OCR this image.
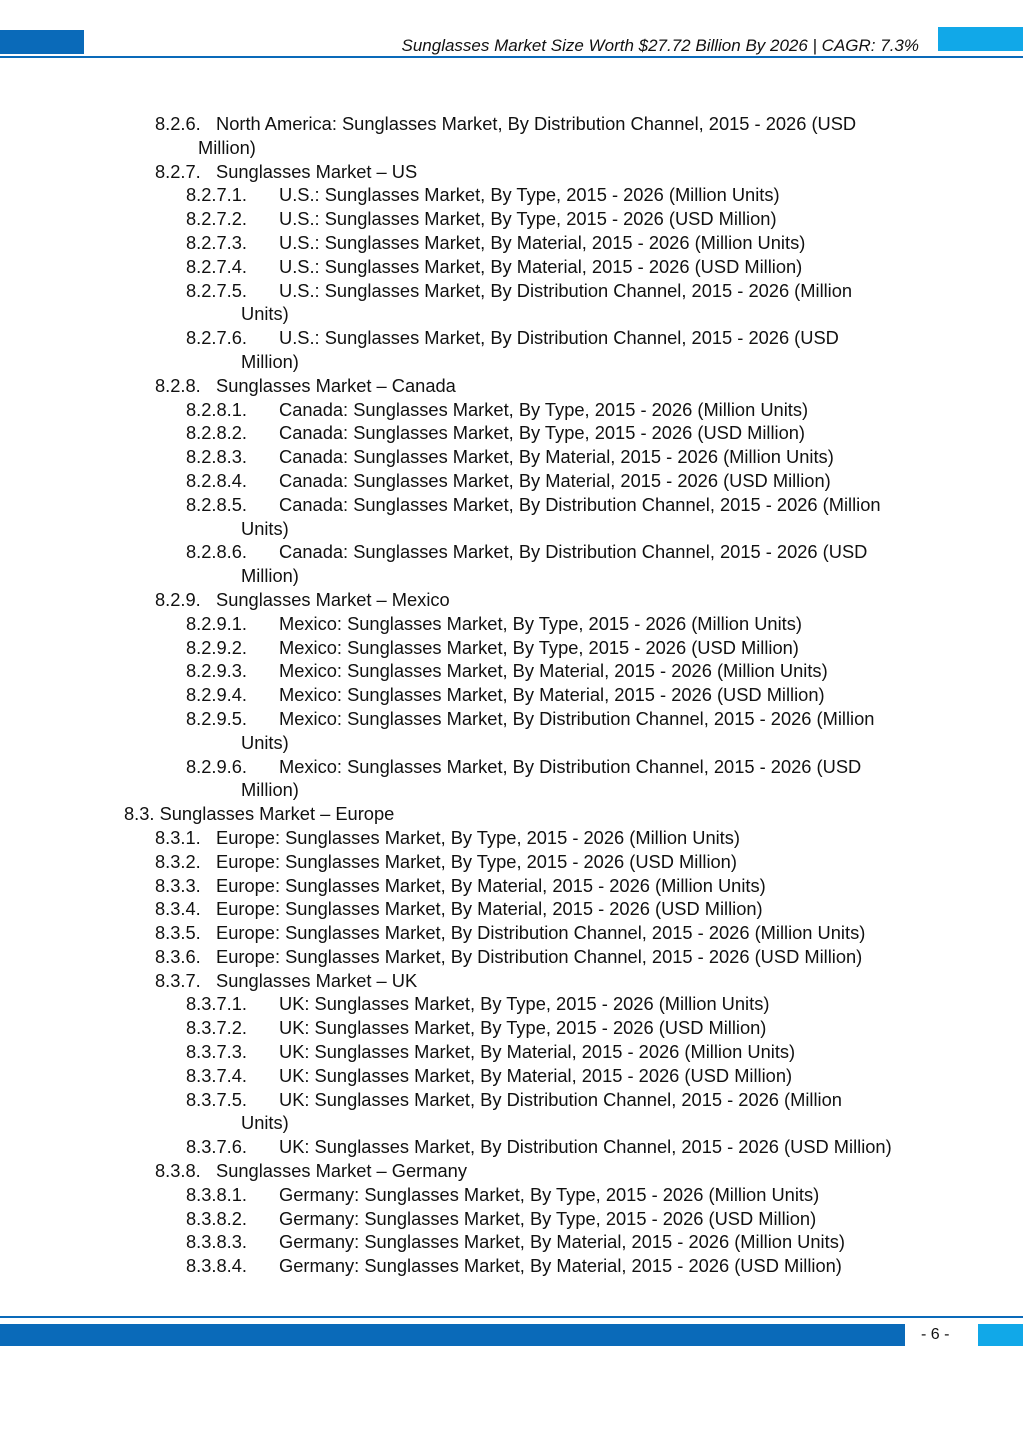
Sunglasses Market Size Worth $27.72 Billion By 2026 | CAGR: 7.3%
8.2.6. North America: Sunglasses Market, By Distribution Channel, 2015 - 2026 (USD
Million)
8.2.7. Sunglasses Market – US
8.2.7.1. U.S.: Sunglasses Market, By Type, 2015 - 2026 (Million Units)
8.2.7.2. U.S.: Sunglasses Market, By Type, 2015 - 2026 (USD Million)
8.2.7.3. U.S.: Sunglasses Market, By Material, 2015 - 2026 (Million Units)
8.2.7.4. U.S.: Sunglasses Market, By Material, 2015 - 2026 (USD Million)
8.2.7.5. U.S.: Sunglasses Market, By Distribution Channel, 2015 - 2026 (Million
Units)
8.2.7.6. U.S.: Sunglasses Market, By Distribution Channel, 2015 - 2026 (USD
Million)
8.2.8. Sunglasses Market – Canada
8.2.8.1. Canada: Sunglasses Market, By Type, 2015 - 2026 (Million Units)
8.2.8.2. Canada: Sunglasses Market, By Type, 2015 - 2026 (USD Million)
8.2.8.3. Canada: Sunglasses Market, By Material, 2015 - 2026 (Million Units)
8.2.8.4. Canada: Sunglasses Market, By Material, 2015 - 2026 (USD Million)
8.2.8.5. Canada: Sunglasses Market, By Distribution Channel, 2015 - 2026 (Million
Units)
8.2.8.6. Canada: Sunglasses Market, By Distribution Channel, 2015 - 2026 (USD
Million)
8.2.9. Sunglasses Market – Mexico
8.2.9.1. Mexico: Sunglasses Market, By Type, 2015 - 2026 (Million Units)
8.2.9.2. Mexico: Sunglasses Market, By Type, 2015 - 2026 (USD Million)
8.2.9.3. Mexico: Sunglasses Market, By Material, 2015 - 2026 (Million Units)
8.2.9.4. Mexico: Sunglasses Market, By Material, 2015 - 2026 (USD Million)
8.2.9.5. Mexico: Sunglasses Market, By Distribution Channel, 2015 - 2026 (Million
Units)
8.2.9.6. Mexico: Sunglasses Market, By Distribution Channel, 2015 - 2026 (USD
Million)
8.3. Sunglasses Market – Europe
8.3.1. Europe: Sunglasses Market, By Type, 2015 - 2026 (Million Units)
8.3.2. Europe: Sunglasses Market, By Type, 2015 - 2026 (USD Million)
8.3.3. Europe: Sunglasses Market, By Material, 2015 - 2026 (Million Units)
8.3.4. Europe: Sunglasses Market, By Material, 2015 - 2026 (USD Million)
8.3.5. Europe: Sunglasses Market, By Distribution Channel, 2015 - 2026 (Million Units)
8.3.6. Europe: Sunglasses Market, By Distribution Channel, 2015 - 2026 (USD Million)
8.3.7. Sunglasses Market – UK
8.3.7.1. UK: Sunglasses Market, By Type, 2015 - 2026 (Million Units)
8.3.7.2. UK: Sunglasses Market, By Type, 2015 - 2026 (USD Million)
8.3.7.3. UK: Sunglasses Market, By Material, 2015 - 2026 (Million Units)
8.3.7.4. UK: Sunglasses Market, By Material, 2015 - 2026 (USD Million)
8.3.7.5. UK: Sunglasses Market, By Distribution Channel, 2015 - 2026 (Million
Units)
8.3.7.6. UK: Sunglasses Market, By Distribution Channel, 2015 - 2026 (USD Million)
8.3.8. Sunglasses Market – Germany
8.3.8.1. Germany: Sunglasses Market, By Type, 2015 - 2026 (Million Units)
8.3.8.2. Germany: Sunglasses Market, By Type, 2015 - 2026 (USD Million)
8.3.8.3. Germany: Sunglasses Market, By Material, 2015 - 2026 (Million Units)
8.3.8.4. Germany: Sunglasses Market, By Material, 2015 - 2026 (USD Million)
- 6 -
